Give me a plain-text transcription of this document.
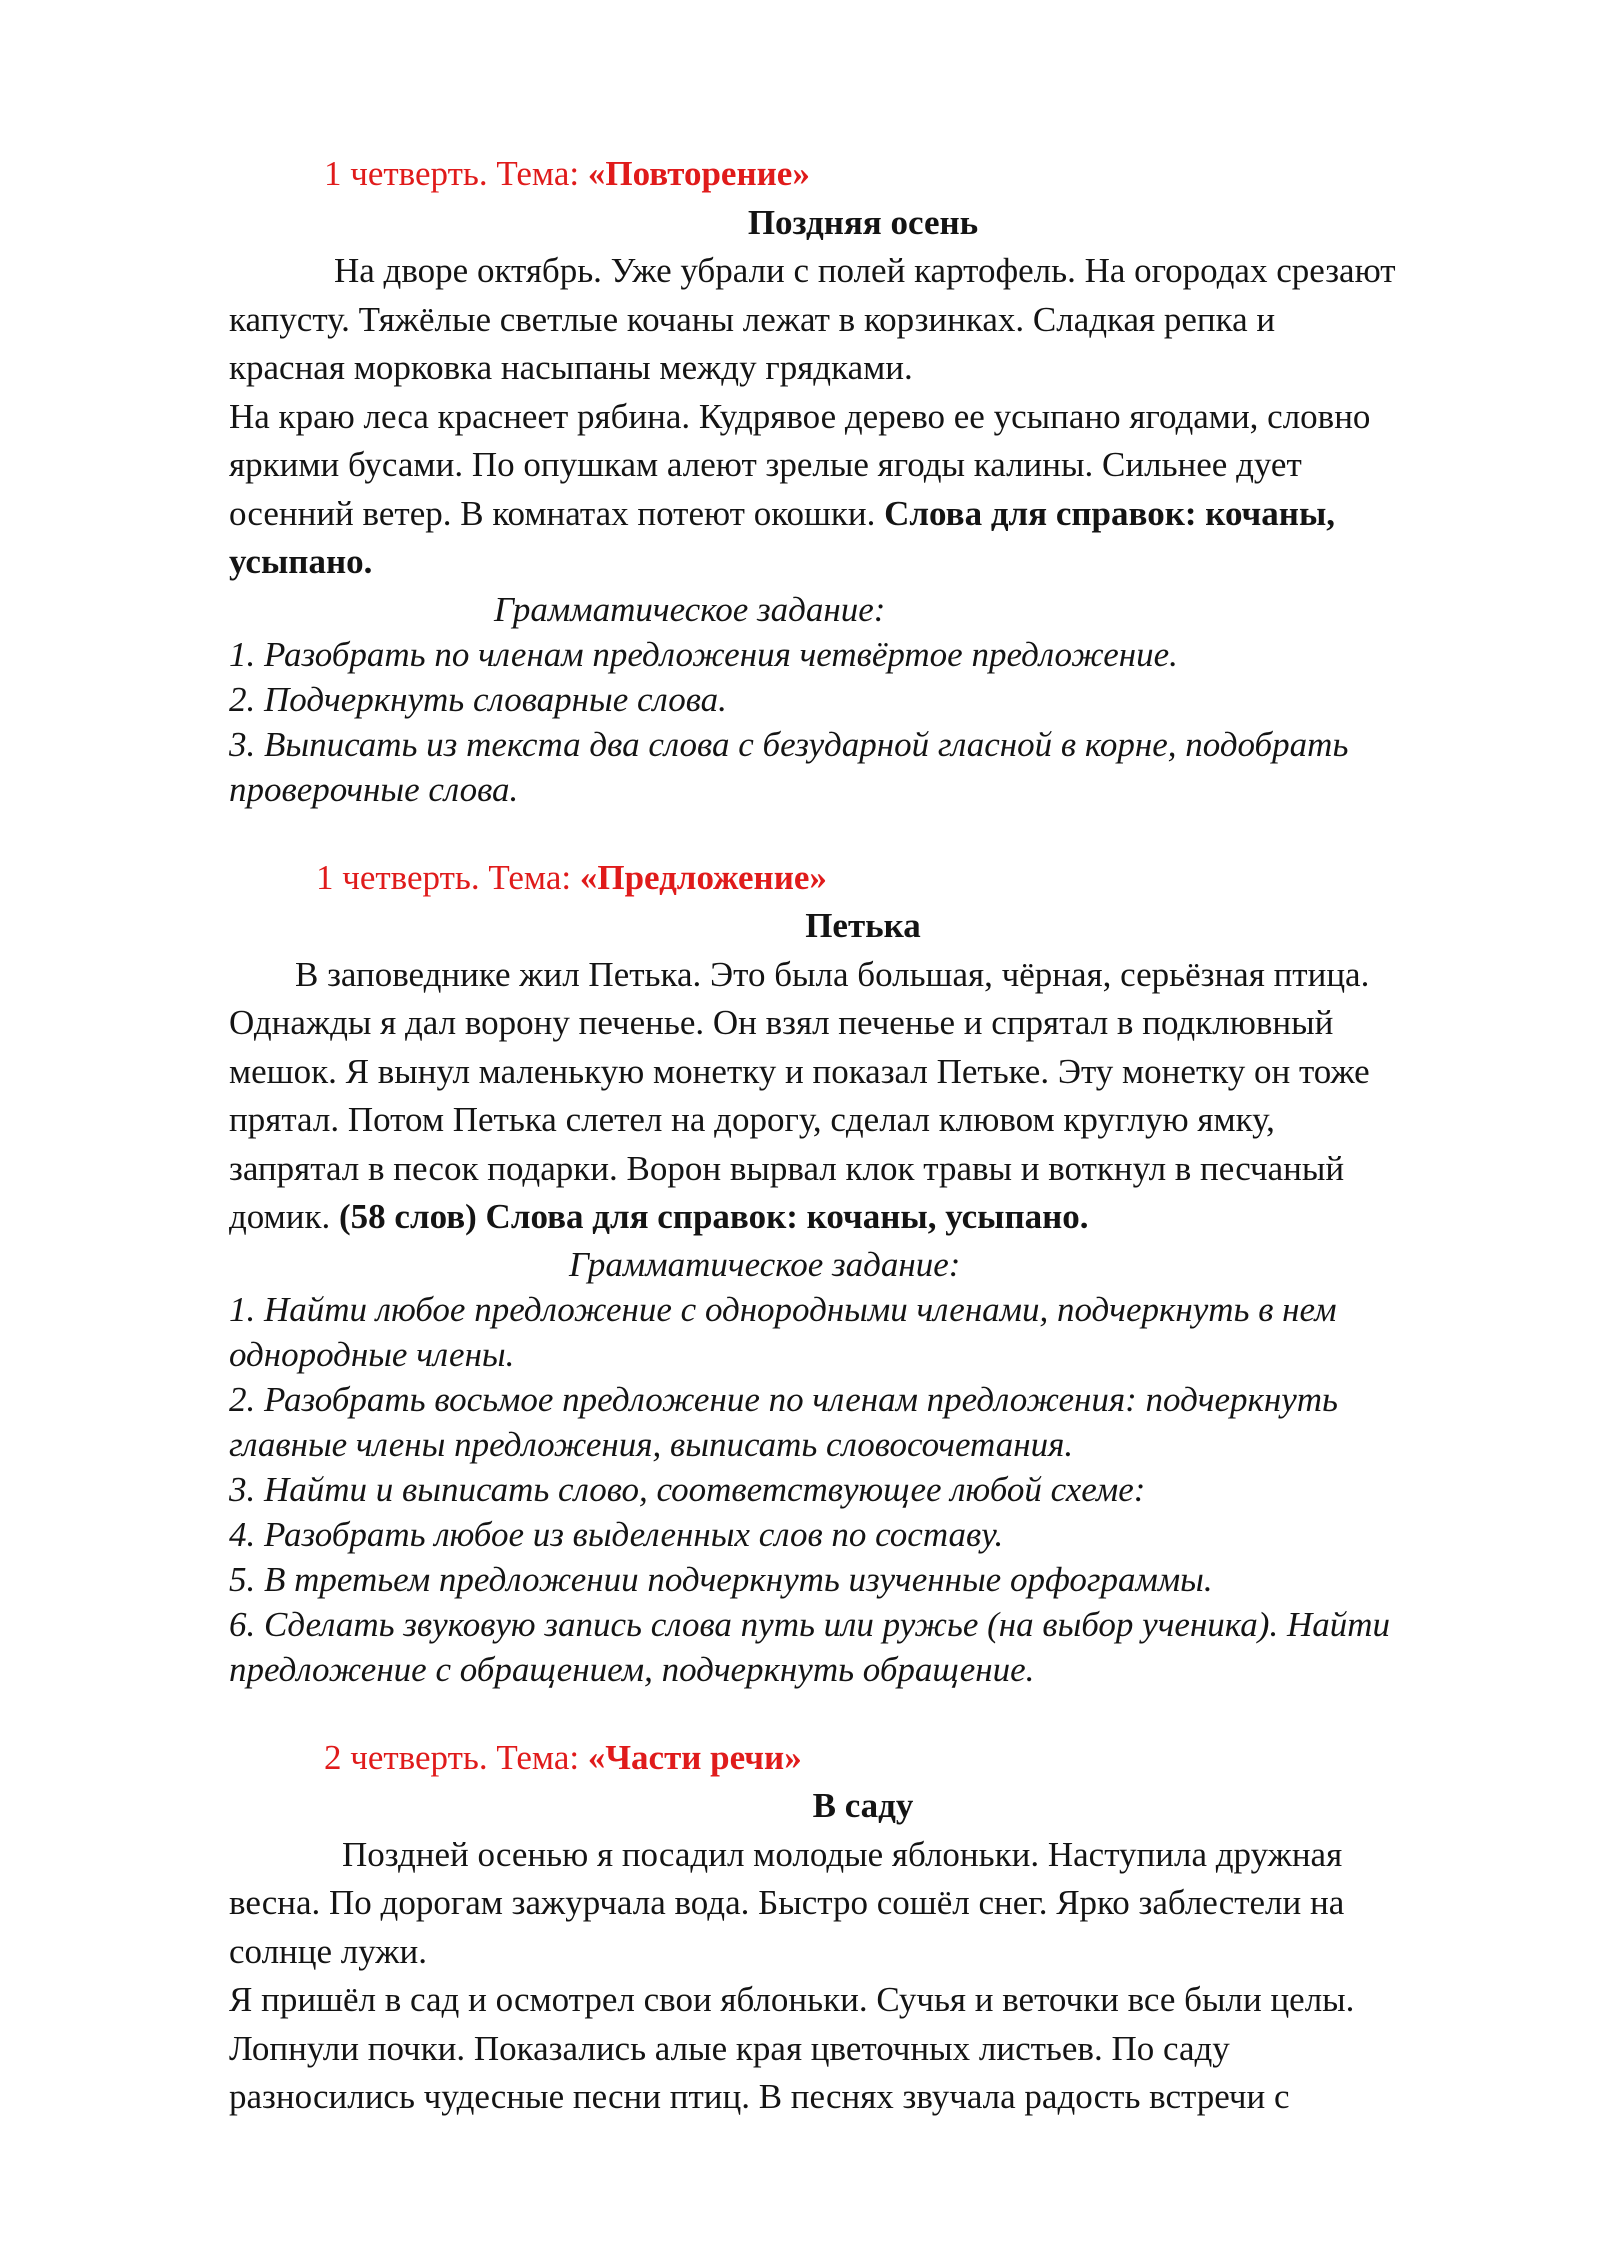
1 четверть. Тема: «Повторение»
Поздняя осень
На дворе октябрь. Уже убрали с полей картофель. На огородах срезают
капусту. Тяжёлые светлые кочаны лежат в корзинках. Сладкая репка и
красная морковка насыпаны между грядками.
На краю леса краснеет рябина. Кудрявое дерево ее усыпано ягодами, словно
яркими бусами. По опушкам алеют зрелые ягоды калины. Сильнее дует
осенний ветер. В комнатах потеют окошки. Слова для справок: кочаны,
усыпано.
Грамматическое задание:
1. Разобрать по членам предложения четвёртое предложение.
2. Подчеркнуть словарные слова.
3. Выписать из текста два слова с безударной гласной в корне, подобрать
проверочные слова.
1 четверть. Тема: «Предложение»
Петька
В заповеднике жил Петька. Это была большая, чёрная, серьёзная птица.
Однажды я дал ворону печенье. Он взял печенье и спрятал в подклювный
мешок. Я вынул маленькую монетку и показал Петьке. Эту монетку он тоже
прятал. Потом Петька слетел на дорогу, сделал клювом круглую ямку,
запрятал в песок подарки. Ворон вырвал клок травы и воткнул в песчаный
домик. (58 слов) Слова для справок: кочаны, усыпано.
Грамматическое задание:
1. Найти любое предложение с однородными членами, подчеркнуть в нем
однородные члены.
2. Разобрать восьмое предложение по членам предложения: подчеркнуть
главные члены предложения, выписать словосочетания.
3. Найти и выписать слово, соответствующее любой схеме:
4. Разобрать любое из выделенных слов по составу.
5. В третьем предложении подчеркнуть изученные орфограммы.
6. Сделать звуковую запись слова путь или ружье (на выбор ученика). Найти
предложение с обращением, подчеркнуть обращение.
2 четверть. Тема: «Части речи»
В саду
Поздней осенью я посадил молодые яблоньки. Наступила дружная
весна. По дорогам зажурчала вода. Быстро сошёл снег. Ярко заблестели на
солнце лужи.
Я пришёл в сад и осмотрел свои яблоньки. Сучья и веточки все были целы.
Лопнули почки. Показались алые края цветочных листьев. По саду
разносились чудесные песни птиц. В песнях звучала радость встречи с
